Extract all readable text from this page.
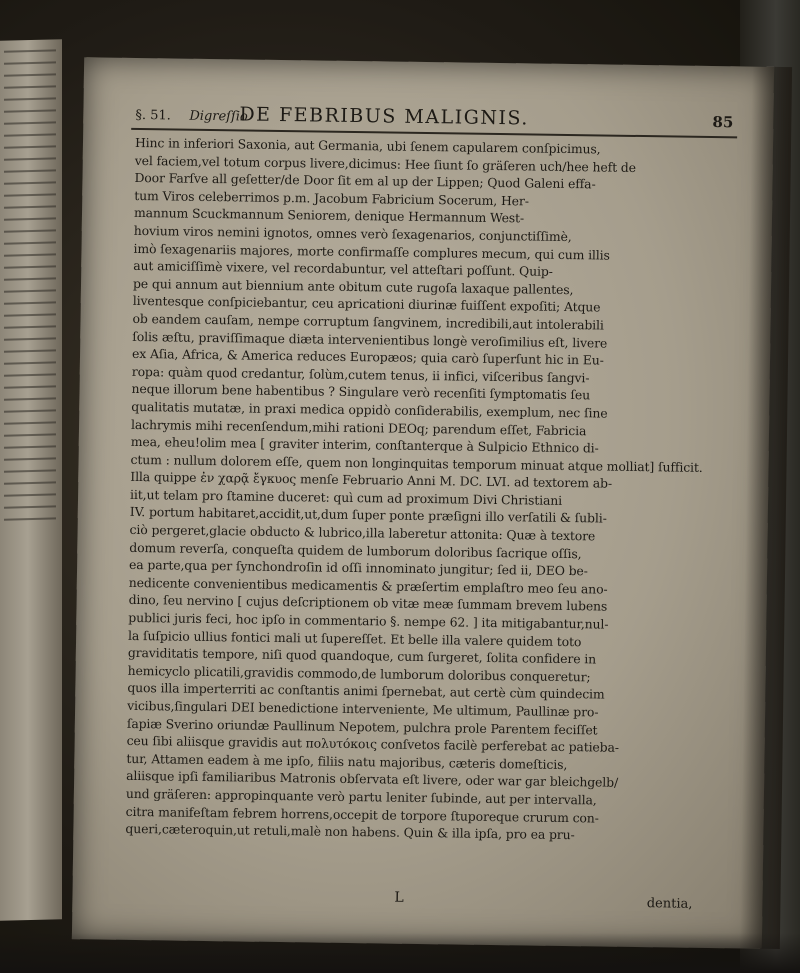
§. 51.	Digreſſio
DE FEBRIBUS MALIGNIS.	85
Hinc in inferiori Saxonia, aut Germania, ubi ſenem capularem conſpicimus,
vel faciem,vel totum corpus livere,dicimus: Hee ſiunt ſo gräſeren uch/hee heft de
Door Farſve all geſetter/de Door ſit em al up der Lippen; Quod Galeni effa-
tum Viros celeberrimos p.m. Jacobum Fabricium Socerum, Her-
mannum Scuckmannum Seniorem, denique Hermannum West-
hovium viros nemini ignotos, omnes verò ſexagenarios, conjunctiſſimè,
imò ſexagenariis majores, morte confirmaſſe complures mecum, qui cum illis
aut amiciſſimè vixere, vel recordabuntur, vel atteſtari poſſunt. Quip-
pe qui annum aut biennium ante obitum cute rugoſa laxaque pallentes,
liventesque conſpiciebantur, ceu apricationi diurinæ fuiſſent expoſiti; Atque
ob eandem cauſam, nempe corruptum ſangvinem, incredibili,aut intolerabili
ſolis æſtu, praviſſimaque diæta intervenientibus longè veroſimilius eſt, livere
ex Aſia, Africa, & America reduces Europæos; quia carò ſuperſunt hic in Eu-
ropa: quàm quod credantur, ſolùm,cutem tenus, ii infici, viſceribus ſangvi-
neque illorum bene habentibus ? Singulare verò recenſiti ſymptomatis ſeu
qualitatis mutatæ, in praxi medica oppidò conſiderabilis, exemplum, nec ſine
lachrymis mihi recenſendum,mihi rationi DEOq; parendum eſſet, Fabricia
mea, eheu!olim mea [ graviter interim, conſtanterque à Sulpicio Ethnico di-
ctum : nullum dolorem eſſe, quem non longinquitas temporum minuat atque molliat] ſufficit.
Illa quippe ἐν χαρᾷ ἔγκυος menſe Februario Anni M. DC. LVI. ad textorem ab-
iit,ut telam pro ſtamine duceret: quì cum ad proximum Divi Christiani
IV. portum habitaret,accidit,ut,dum ſuper ponte præſigni illo verſatili & ſubli-
ciò pergeret,glacie obducto & lubrico,illa laberetur attonita: Quæ à textore
domum reverſa, conqueſta quidem de lumborum doloribus ſacrique oſſis,
ea parte,qua per ſynchondroſin id oſſi innominato jungitur; ſed ii, DEO be-
nedicente convenientibus medicamentis & præſertim emplaſtro meo ſeu ano-
dino, ſeu nervino [ cujus deſcriptionem ob vitæ meæ ſummam brevem lubens
publici juris feci, hoc ipſo in commentario §. nempe 62. ] ita mitigabantur,nul-
la ſuſpicio ullius fontici mali ut ſupereſſet. Et belle illa valere quidem toto
graviditatis tempore, niſi quod quandoque, cum ſurgeret, ſolita confidere in
hemicyclo plicatili,gravidis commodo,de lumborum doloribus conqueretur;
quos illa imperterriti ac conſtantis animi ſpernebat, aut certè cùm quindecim
vicibus,ſingulari DEI benedictione interveniente, Me ultimum, Paullinæ pro-
ſapiæ Sverino oriundæ Paullinum Nepotem, pulchra prole Parentem feciſſet
ceu ſibi aliisque gravidis aut πολυτόκοις conſvetos facilè perferebat ac patieba-
tur, Attamen eadem à me ipſo, filiis natu majoribus, cæteris domeſticis,
aliisque ipſi familiaribus Matronis obſervata eſt livere, oder war gar bleichgelb/
und gräſeren: appropinquante verò partu leniter ſubinde, aut per intervalla,
citra manifeſtam febrem horrens,occepit de torpore ſtuporeque crurum con-
queri,cæteroquin,ut retuli,malè non habens. Quin & illa ipſa, pro ea pru-
L	dentia,
